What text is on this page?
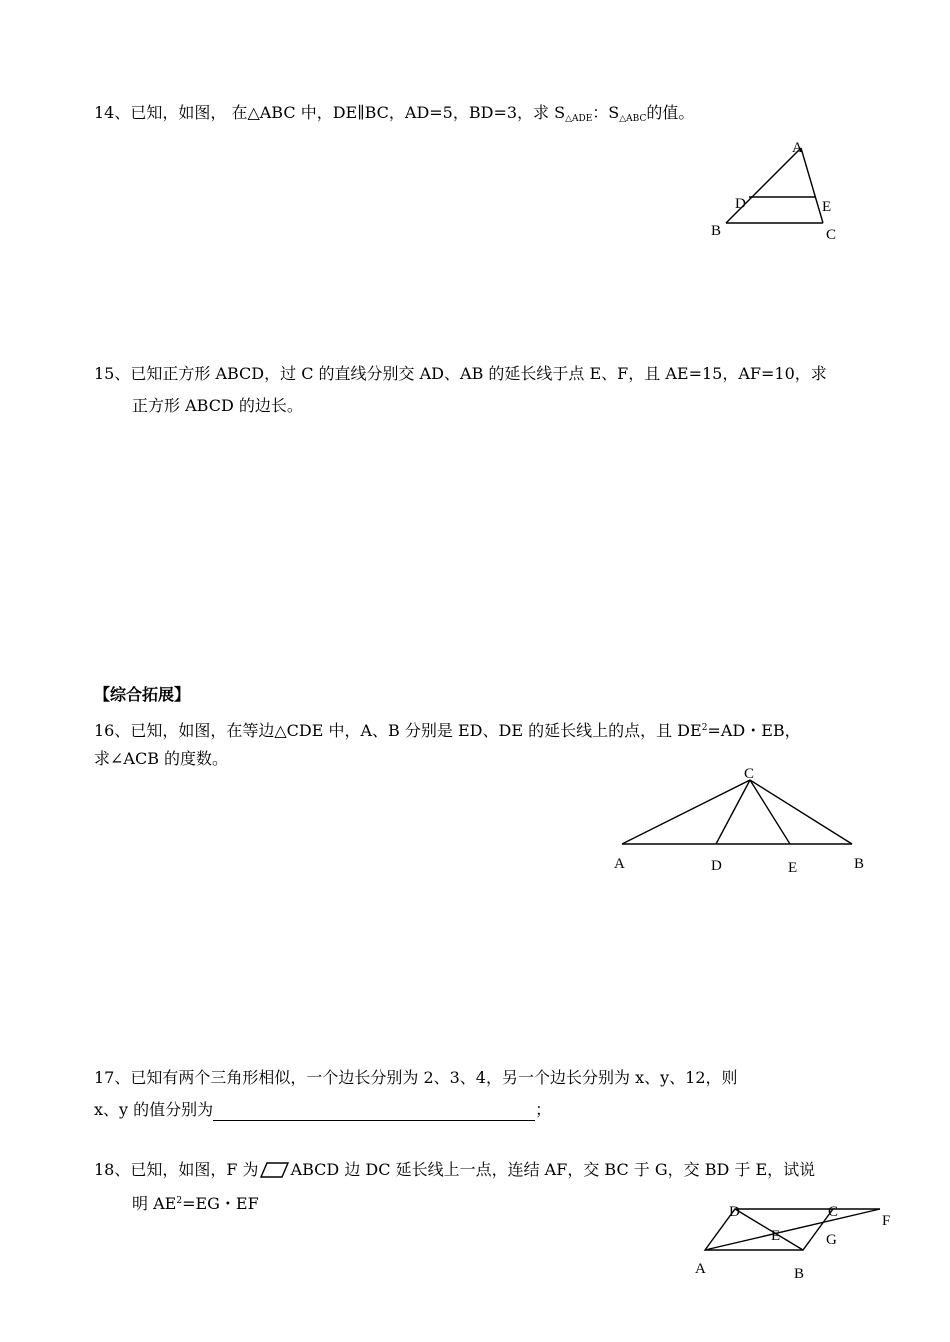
14、已知，如图， 在△ABC 中，DE∥BC，AD=5，BD=3，求 $S_{\triangle ADE}$：$S_{\triangle ABC}$的值。
A
D	E
B	C
15、已知正方形 ABCD，过 C 的直线分别交 AD、AB 的延长线于点 E、F，且 AE=15，AF=10，求
正方形 ABCD 的边长。
【综合拓展】
16、已知，如图，在等边△CDE 中，A、B 分别是 ED、DE 的延长线上的点，且 $DE^2=AD$・EB，
求∠ACB 的度数。
C
A	D	E	B
17、已知有两个三角形相似，一个边长分别为 2、3、4，另一个边长分别为 x、y、12，则
x、y 的值分别为	；
18、已知，如图，F 为 ABCD 边 DC 延长线上一点，连结 AF，交 BC 于 G，交 BD 于 E，试说
明 $AE^2=EG$・EF	D	C
F
E	G
A	B
